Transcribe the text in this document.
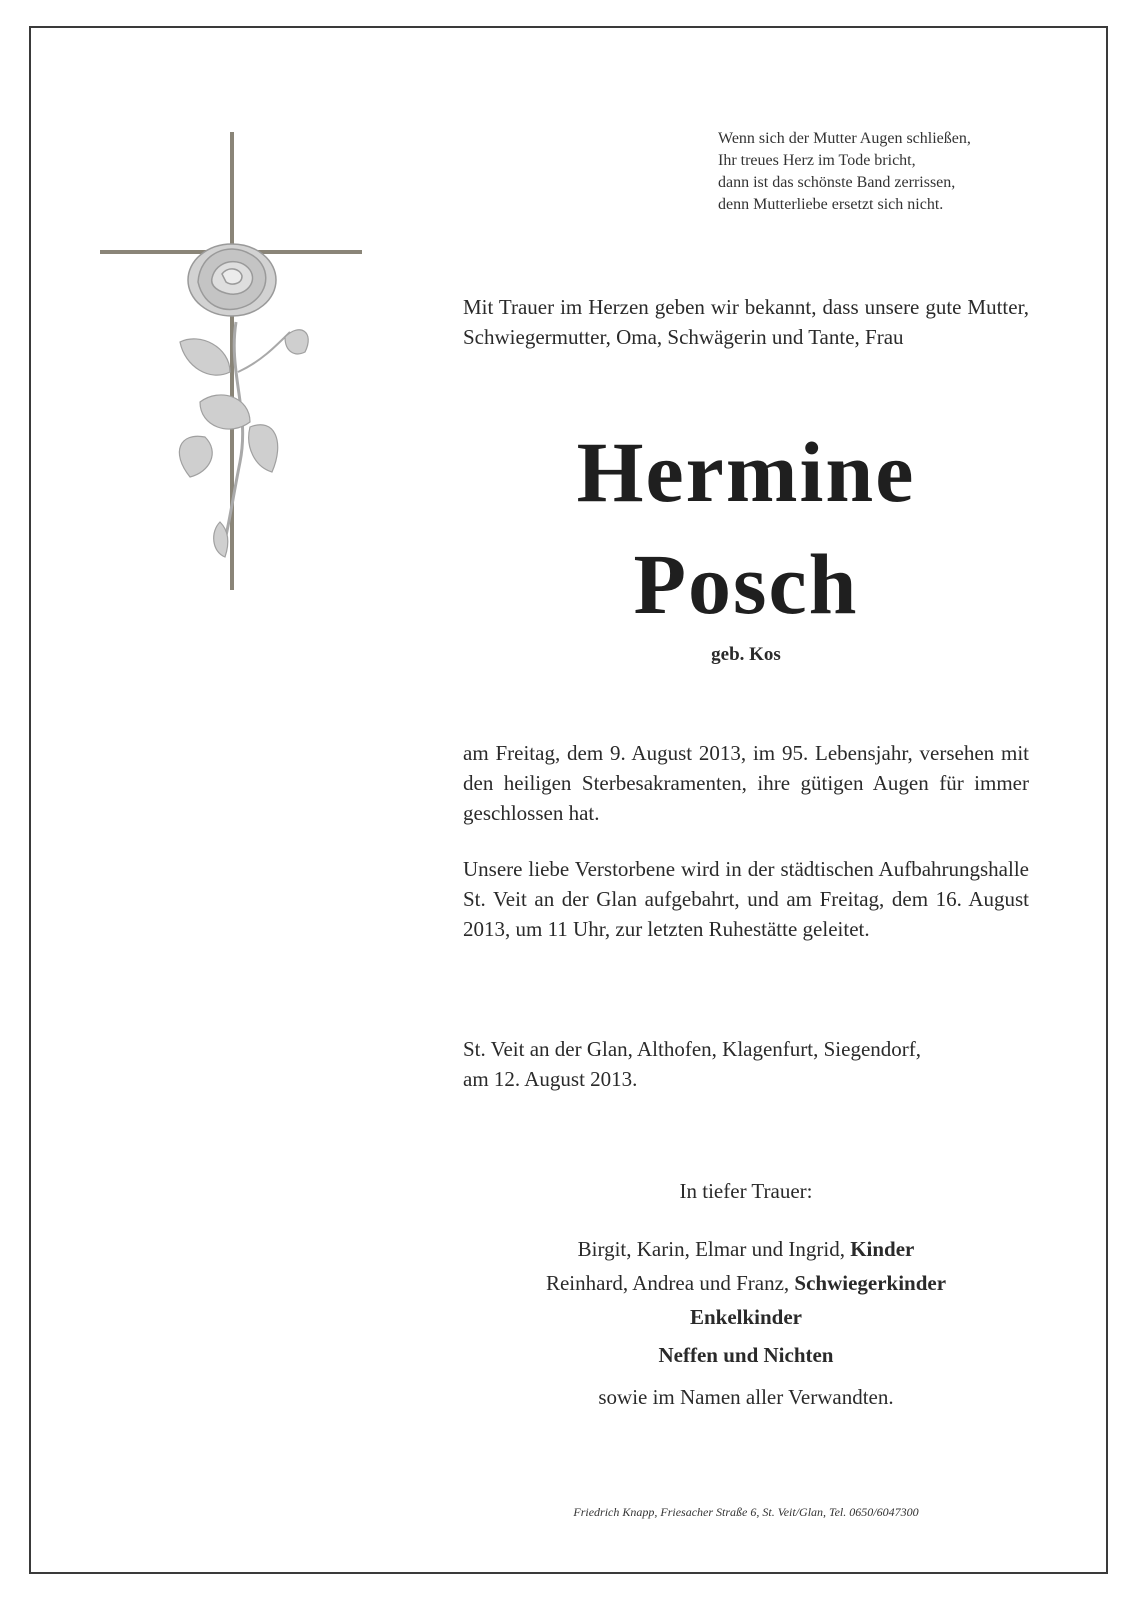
Wenn sich der Mutter Augen schließen,
Ihr treues Herz im Tode bricht,
dann ist das schönste Band zerrissen,
denn Mutterliebe ersetzt sich nicht.
Mit Trauer im Herzen geben wir bekannt, dass unsere gute Mutter, Schwiegermutter, Oma, Schwägerin und Tante, Frau
Hermine
Posch
geb. Kos
am Freitag, dem 9. August 2013, im 95. Lebensjahr, versehen mit den heiligen Sterbesakramenten, ihre gütigen Augen für immer geschlossen hat.
Unsere liebe Verstorbene wird in der städtischen Aufbahrungshalle St. Veit an der Glan aufgebahrt, und am Freitag, dem 16. August 2013, um 11 Uhr, zur letzten Ruhestätte geleitet.
St. Veit an der Glan, Althofen, Klagenfurt, Siegendorf,
am 12. August 2013.
In tiefer Trauer:
Birgit, Karin, Elmar und Ingrid, Kinder
Reinhard, Andrea und Franz, Schwiegerkinder
Enkelkinder
Neffen und Nichten
sowie im Namen aller Verwandten.
Friedrich Knapp, Friesacher Straße 6, St. Veit/Glan, Tel. 0650/6047300
